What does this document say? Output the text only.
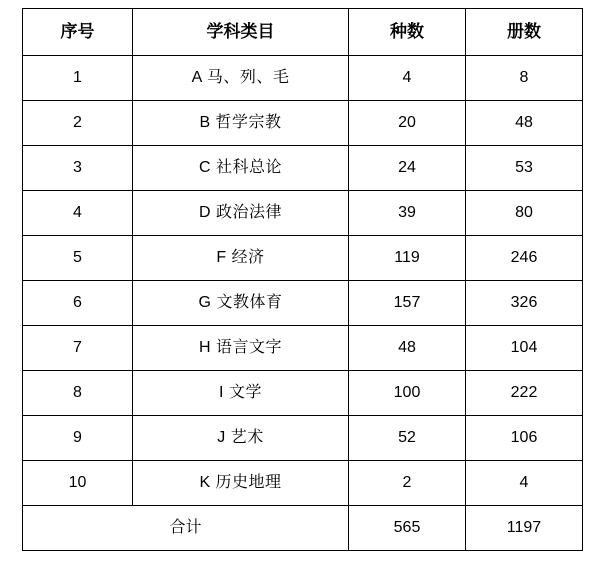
序号	学科类目	种数	册数
1	A 马、列、毛	4	8
2	B 哲学宗教	20	48
3	C 社科总论	24	53
4	D 政治法律	39	80
5	F 经济	119	246
6	G 文教体育	157	326
7	H 语言文字	48	104
8	I 文学	100	222
9	J 艺术	52	106
10	K 历史地理	2	4
合计		565	1197
